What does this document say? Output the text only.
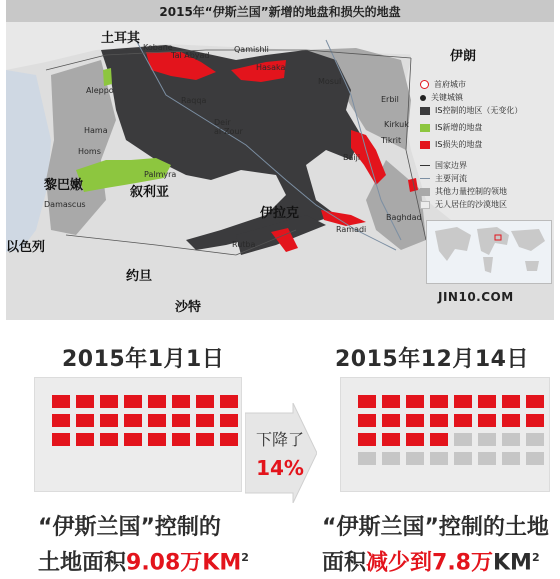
2015年“伊斯兰国”新增的地盘和损失的地盘
Kobane
Tal Abyad
Qamishli
Hasaka
Aleppo
Raqqa
Mosul
Erbil
Hama
Deir
al-Zour
Homs
Kirkuk
Tikrit
Palmyra
Baiji
Damascus
Baghdad
Ramadi
Rutba
土耳其
伊朗
叙利亚
黎巴嫩
以色列
伊拉克
约旦
沙特
首府城市
关键城镇
IS控制的地区（无变化）
IS新增的地盘
IS损失的地盘
国家边界
主要河流
其他力量控制的领地
无人居住的沙漠地区
JIN10.COM
2015年1月1日
下降了
14%
2015年12月14日
“伊斯兰国”控制的
土地面积9.08万$KM^2$
“伊斯兰国”控制的土地
面积减少到7.8万$KM^2$
